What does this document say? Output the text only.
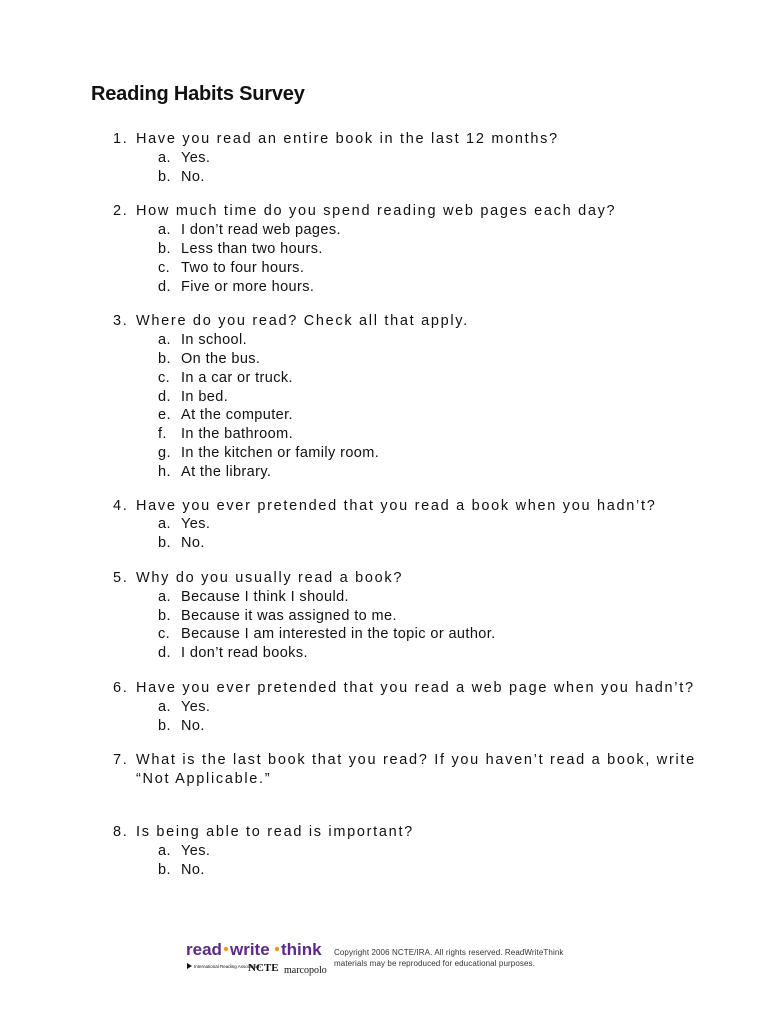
Reading Habits Survey
1. Have you read an entire book in the last 12 months?
a. Yes.
b. No.
2. How much time do you spend reading web pages each day?
a. I don’t read web pages.
b. Less than two hours.
c. Two to four hours.
d. Five or more hours.
3. Where do you read? Check all that apply.
a. In school.
b. On the bus.
c. In a car or truck.
d. In bed.
e. At the computer.
f. In the bathroom.
g. In the kitchen or family room.
h. At the library.
4. Have you ever pretended that you read a book when you hadn’t?
a. Yes.
b. No.
5. Why do you usually read a book?
a. Because I think I should.
b. Because it was assigned to me.
c. Because I am interested in the topic or author.
d. I don’t read books.
6. Have you ever pretended that you read a web page when you hadn’t?
a. Yes.
b. No.
7. What is the last book that you read? If you haven’t read a book, write “Not Applicable.”
8. Is being able to read is important?
a. Yes.
b. No.
read write think
International Reading Association
NCTE marcopolo
Copyright 2006 NCTE/IRA. All rights reserved. ReadWriteThink
materials may be reproduced for educational purposes.
